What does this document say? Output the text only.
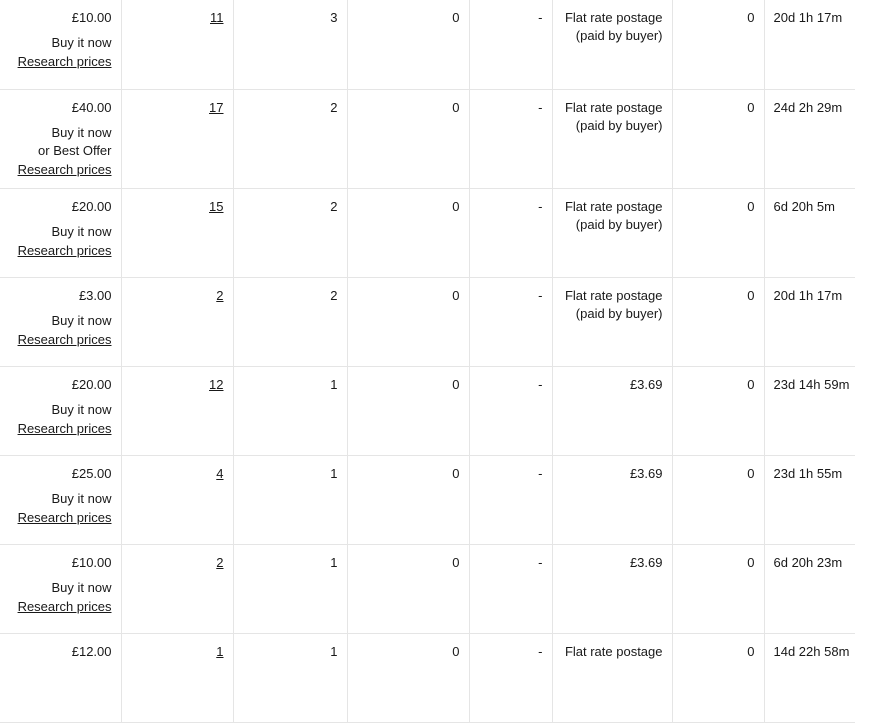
£10.00
Buy it now
Research prices	11	3	0	-	Flat rate postage
(paid by buyer)	0	20d 1h 17m

£40.00
Buy it now
or Best Offer
Research prices	17	2	0	-	Flat rate postage
(paid by buyer)	0	24d 2h 29m

£20.00
Buy it now
Research prices	15	2	0	-	Flat rate postage
(paid by buyer)	0	6d 20h 5m

£3.00
Buy it now
Research prices	2	2	0	-	Flat rate postage
(paid by buyer)	0	20d 1h 17m

£20.00
Buy it now
Research prices	12	1	0	-	£3.69	0	23d 14h 59m

£25.00
Buy it now
Research prices	4	1	0	-	£3.69	0	23d 1h 55m

£10.00
Buy it now
Research prices	2	1	0	-	£3.69	0	6d 20h 23m

£12.00	1	1	0	-	Flat rate postage	0	14d 22h 58m
